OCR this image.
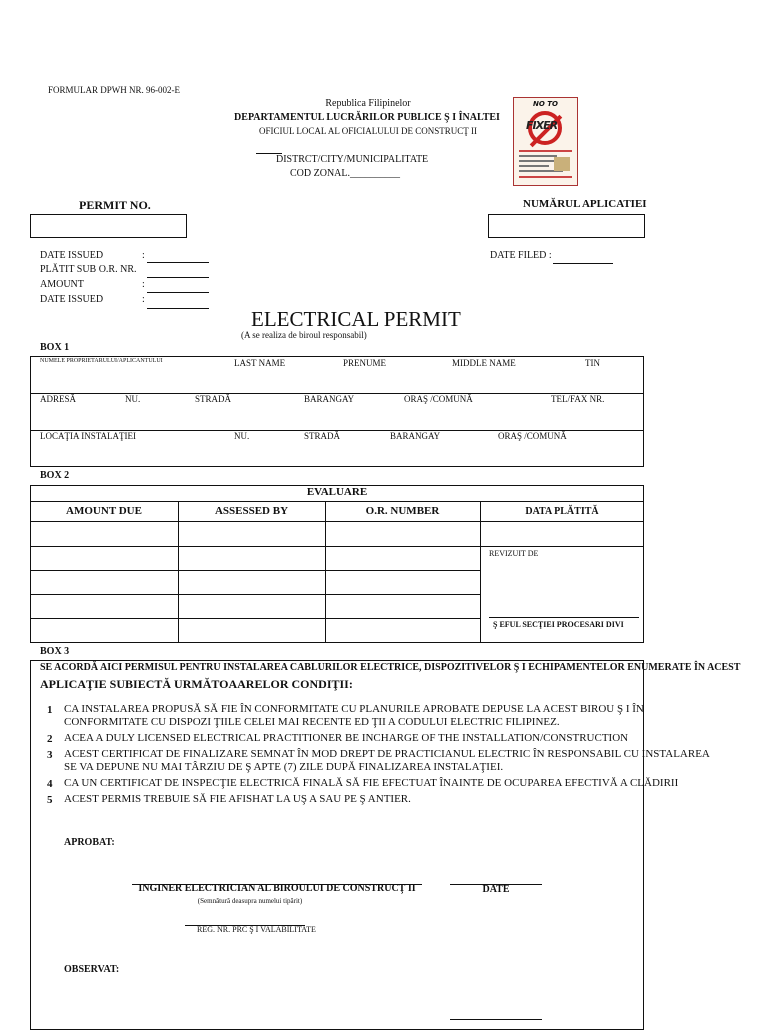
FORMULAR DPWH NR. 96-002-E
Republica Filipinelor
DEPARTAMENTUL LUCRĂRILOR PUBLICE Ş I ÎNALTEI
OFICIUL LOCAL AL OFICIALULUI DE CONSTRUCŢ II
DISTRCT/CITY/MUNICIPALITATE
COD ZONAL.__________
NO TO
FIXER
PERMIT NO.	NUMĂRUL APLICATIEI
DATE ISSUED	:
PLĂTIT SUB O.R. NR.
AMOUNT	:
DATE ISSUED	:
DATE FILED :
ELECTRICAL PERMIT
(A se realiza de biroul responsabil)
BOX 1
NUMELE PROPRIETARULUI/APLICANTULUI	LAST NAME	PRENUME	MIDDLE NAME	TIN
ADRESĂ	NU.	STRADĂ	BARANGAY	ORAŞ /COMUNĂ	TEL/FAX NR.
LOCAŢIA INSTALAŢIEI	NU.	STRADĂ	BARANGAY	ORAŞ /COMUNĂ
BOX 2
EVALUARE
AMOUNT DUE	ASSESSED BY	O.R. NUMBER	DATA PLĂTITĂ
REVIZUIT DE
Ş EFUL SECŢIEI PROCESARI DIVI
BOX 3
SE ACORDĂ AICI PERMISUL PENTRU INSTALAREA CABLURILOR ELECTRICE, DISPOZITIVELOR Ş I ECHIPAMENTELOR ENUMERATE ÎN ACEST
APLICAŢIE SUBIECTĂ URMĂTOAARELOR CONDIŢII:
1 CA INSTALAREA PROPUSĂ SĂ FIE ÎN CONFORMITATE CU PLANURILE APROBATE DEPUSE LA ACEST BIROU Ş I ÎN
CONFORMITATE CU DISPOZI ŢIILE CELEI MAI RECENTE ED ŢII A CODULUI ELECTRIC FILIPINEZ.
2 ACEA A DULY LICENSED ELECTRICAL PRACTITIONER BE INCHARGE OF THE INSTALLATION/CONSTRUCTION
3 ACEST CERTIFICAT DE FINALIZARE SEMNAT ÎN MOD DREPT DE PRACTICIANUL ELECTRIC ÎN RESPONSABIL CU INSTALAREA
SE VA DEPUNE NU MAI TÂRZIU DE Ş APTE (7) ZILE DUPĂ FINALIZAREA INSTALAŢIEI.
4 CA UN CERTIFICAT DE INSPECŢIE ELECTRICĂ FINALĂ SĂ FIE EFECTUAT ÎNAINTE DE OCUPAREA EFECTIVĂ A CLĂDIRII
5 ACEST PERMIS TREBUIE SĂ FIE AFISHAT LA UŞ A SAU PE Ş ANTIER.
APROBAT:
INGINER ELECTRICIAN AL BIROULUI DE CONSTRUCŢ II
(Semnătură deasupra numelui tipărit)
DATE
REG. NR. PRC Ş I VALABILITATE
OBSERVAT:
